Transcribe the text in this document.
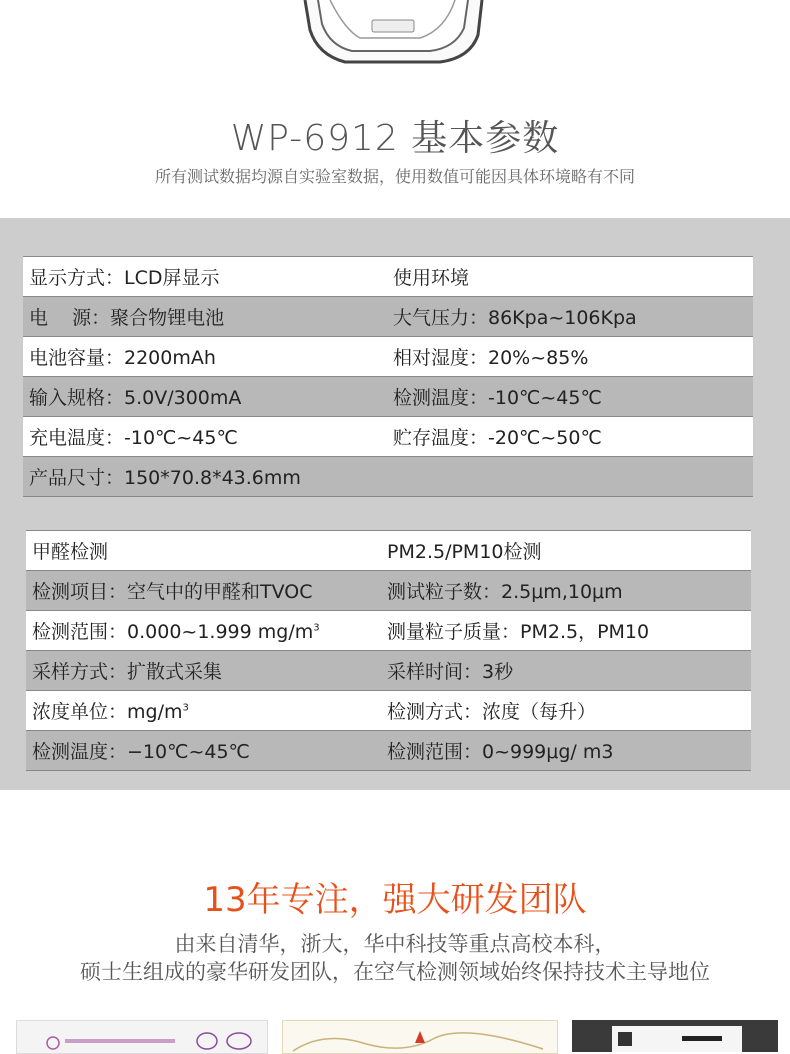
WP-6912 基本参数
所有测试数据均源自实验室数据，使用数值可能因具体环境略有不同
显示方式：LCD屏显示	使用环境
电    源：聚合物锂电池	大气压力：86Kpa~106Kpa
电池容量：2200mAh	相对湿度：20%~85%
输入规格：5.0V/300mA	检测温度：-10℃~45℃
充电温度：-10℃~45℃	贮存温度：-20℃~50℃
产品尺寸：150*70.8*43.6mm	
甲醛检测	PM2.5/PM10检测
检测项目：空气中的甲醛和TVOC	测试粒子数：2.5μm,10μm
检测范围：0.000~1.999 $mg/m^3$	测量粒子质量：PM2.5，PM10
采样方式：扩散式采集	采样时间：3秒
浓度单位：$mg/m^3$	检测方式：浓度（每升）
检测温度：−10℃~45℃	检测范围：0~999μg/ m3
13年专注，强大研发团队
由来自清华，浙大，华中科技等重点高校本科，
硕士生组成的豪华研发团队，在空气检测领域始终保持技术主导地位
